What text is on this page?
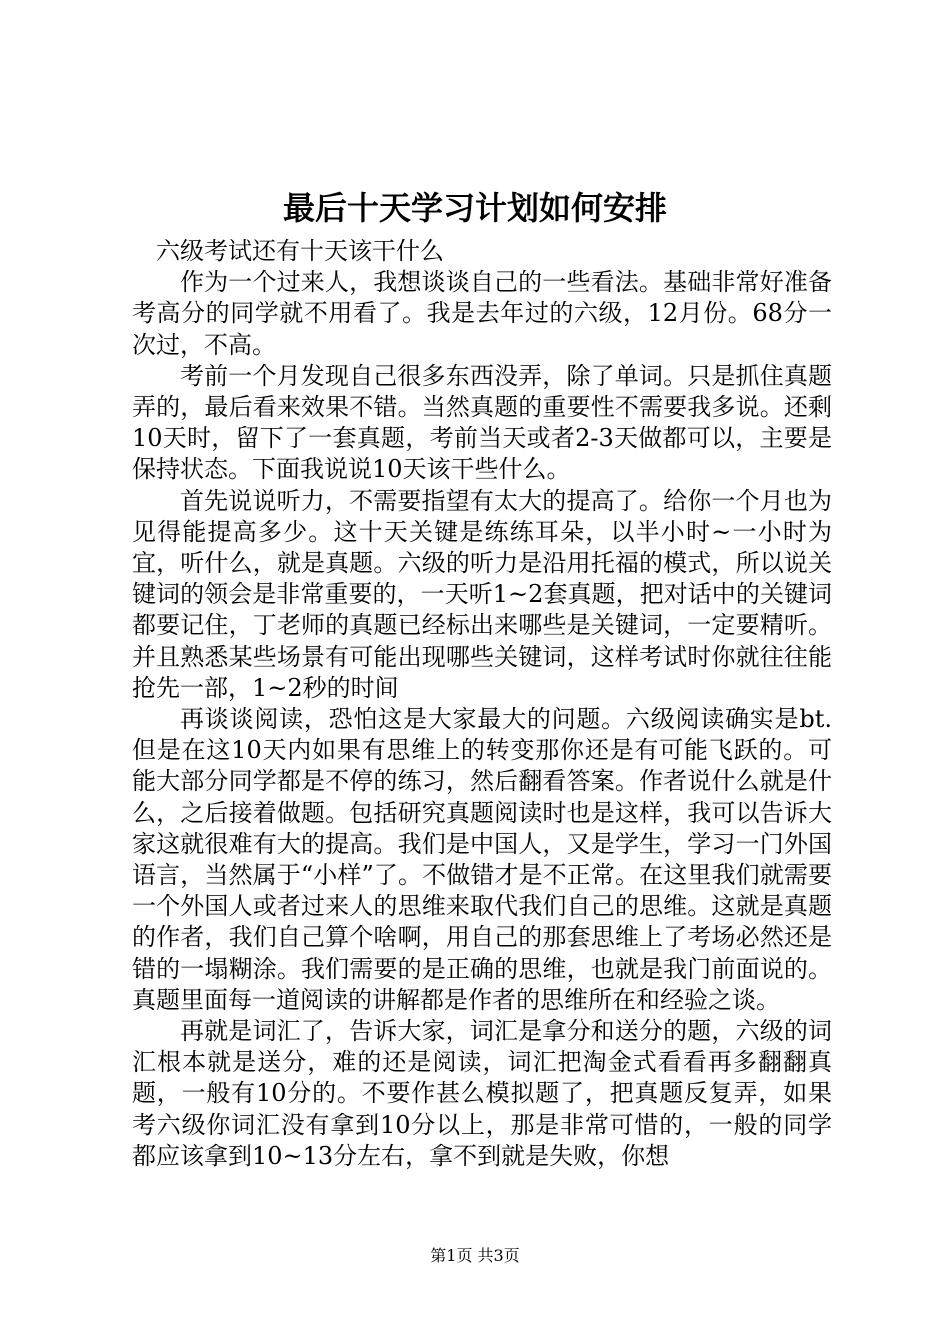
最后十天学习计划如何安排

六级考试还有十天该干什么

作为一个过来人，我想谈谈自己的一些看法。基础非常好准备考高分的同学就不用看了。我是去年过的六级，12月份。68分一次过，不高。

考前一个月发现自己很多东西没弄，除了单词。只是抓住真题弄的，最后看来效果不错。当然真题的重要性不需要我多说。还剩10天时，留下了一套真题，考前当天或者2-3天做都可以，主要是保持状态。下面我说说10天该干些什么。

首先说说听力，不需要指望有太大的提高了。给你一个月也为见得能提高多少。这十天关键是练练耳朵，以半小时~一小时为宜，听什么，就是真题。六级的听力是沿用托福的模式，所以说关键词的领会是非常重要的，一天听1~2套真题，把对话中的关键词都要记住，丁老师的真题已经标出来哪些是关键词，一定要精听。并且熟悉某些场景有可能出现哪些关键词，这样考试时你就往往能抢先一部，1~2秒的时间

再谈谈阅读，恐怕这是大家最大的问题。六级阅读确实是bt.但是在这10天内如果有思维上的转变那你还是有可能飞跃的。可能大部分同学都是不停的练习，然后翻看答案。作者说什么就是什么，之后接着做题。包括研究真题阅读时也是这样，我可以告诉大家这就很难有大的提高。我们是中国人，又是学生，学习一门外国语言，当然属于“小样”了。不做错才是不正常。在这里我们就需要一个外国人或者过来人的思维来取代我们自己的思维。这就是真题的作者，我们自己算个啥啊，用自己的那套思维上了考场必然还是错的一塌糊涂。我们需要的是正确的思维，也就是我门前面说的。真题里面每一道阅读的讲解都是作者的思维所在和经验之谈。

再就是词汇了，告诉大家，词汇是拿分和送分的题，六级的词汇根本就是送分，难的还是阅读，词汇把淘金式看看再多翻翻真题，一般有10分的。不要作甚么模拟题了，把真题反复弄，如果考六级你词汇没有拿到10分以上，那是非常可惜的，一般的同学都应该拿到10~13分左右，拿不到就是失败，你想

第1页 共3页
